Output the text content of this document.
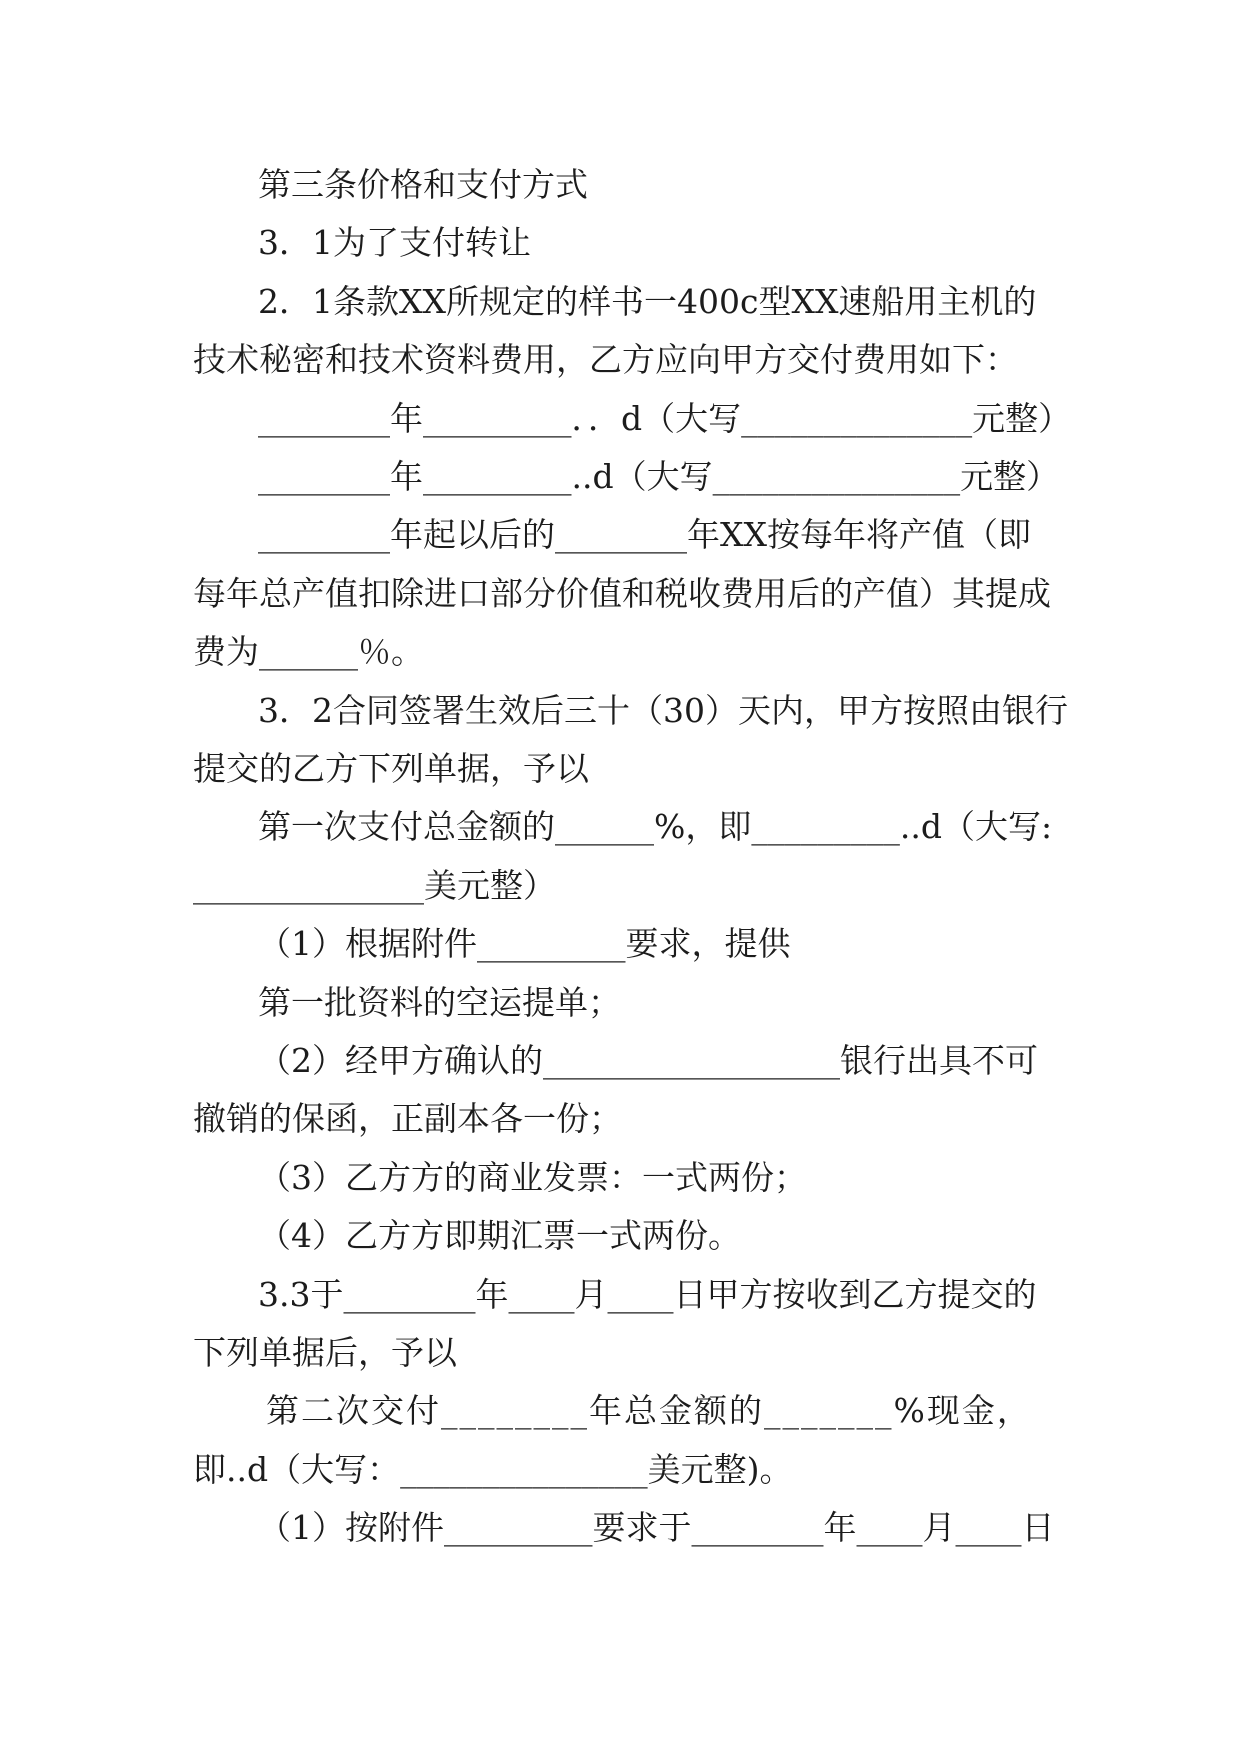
第三条价格和支付方式
3．1为了支付转让
2．1条款XX所规定的样书一400c型XX速船用主机的
技术秘密和技术资料费用，乙方应向甲方交付费用如下：
________年_________．．d（大写______________元整）
________年_________..d（大写_______________元整）
________年起以后的________年XX按每年将产值（即
每年总产值扣除进口部分价值和税收费用后的产值）其提成
费为______％。
3．2合同签署生效后三十（30）天内，甲方按照由银行
提交的乙方下列单据，予以
第一次支付总金额的______%，即_________..d（大写:
______________美元整）
（1）根据附件_________要求，提供
第一批资料的空运提单；
（2）经甲方确认的__________________银行出具不可
撤销的保函，正副本各一份；
（3）乙方方的商业发票：一式两份；
（4）乙方方即期汇票一式两份。
3.3于________年____月____日甲方按收到乙方提交的
下列单据后，予以
第二次交付________年总金额的_______%现金，
即..d（大写：_______________美元整)。
（1）按附件_________要求于________年____月____日
